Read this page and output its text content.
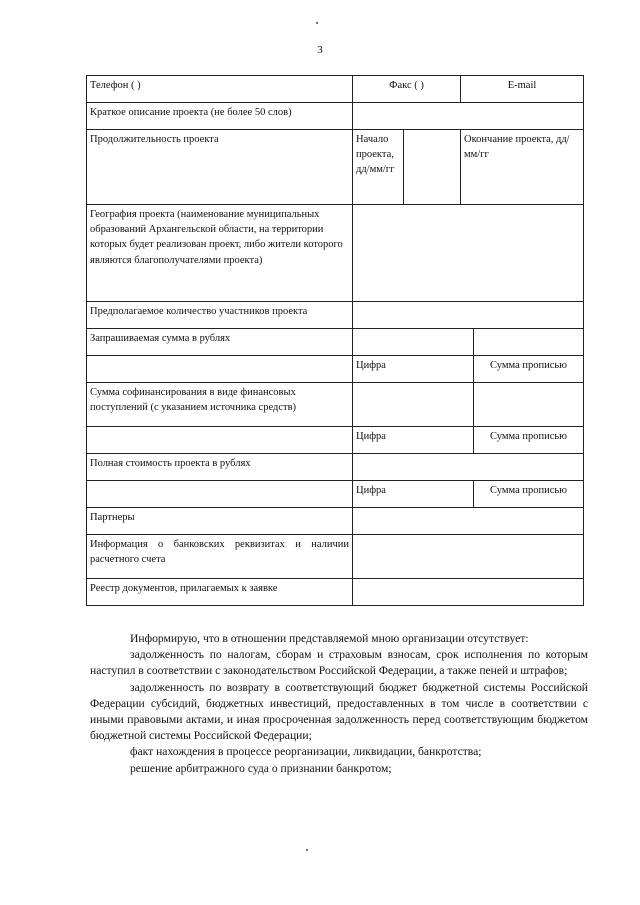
3
Телефон ( )	Факс ( )		E-mail	
Краткое описание проекта (не более 50 слов)				
Продолжительность проекта	Начало проекта, дд/мм/гг		Окончание проекта, дд/мм/гг	
География проекта (наименование муниципальных образований Архангельской области, на территории которых будет реализован проект, либо жители которого являются благополучателями проекта)				
Предполагаемое количество участников проекта				
Запрашиваемая сумма в рублях				
	Цифра			Сумма прописью
Сумма софинансирования в виде финансовых поступлений (с указанием источника средств)				
	Цифра			Сумма прописью
Полная стоимость проекта в рублях				
	Цифра			Сумма прописью
Партнеры				
Информация о банковских реквизитах и наличии расчетного счета				
Реестр документов, прилагаемых к заявке				

Информирую, что в отношении представляемой мною организации отсутствует:

задолженность по налогам, сборам и страховым взносам, срок исполнения по которым наступил в соответствии с законодательством Российской Федерации, а также пеней и штрафов;

задолженность по возврату в соответствующий бюджет бюджетной системы Российской Федерации субсидий, бюджетных инвестиций, предоставленных в том числе в соответствии с иными правовыми актами, и иная просроченная задолженность перед соответствующим бюджетом бюджетной системы Российской Федерации;

факт нахождения в процессе реорганизации, ликвидации, банкротства;

решение арбитражного суда о признании банкротом;
